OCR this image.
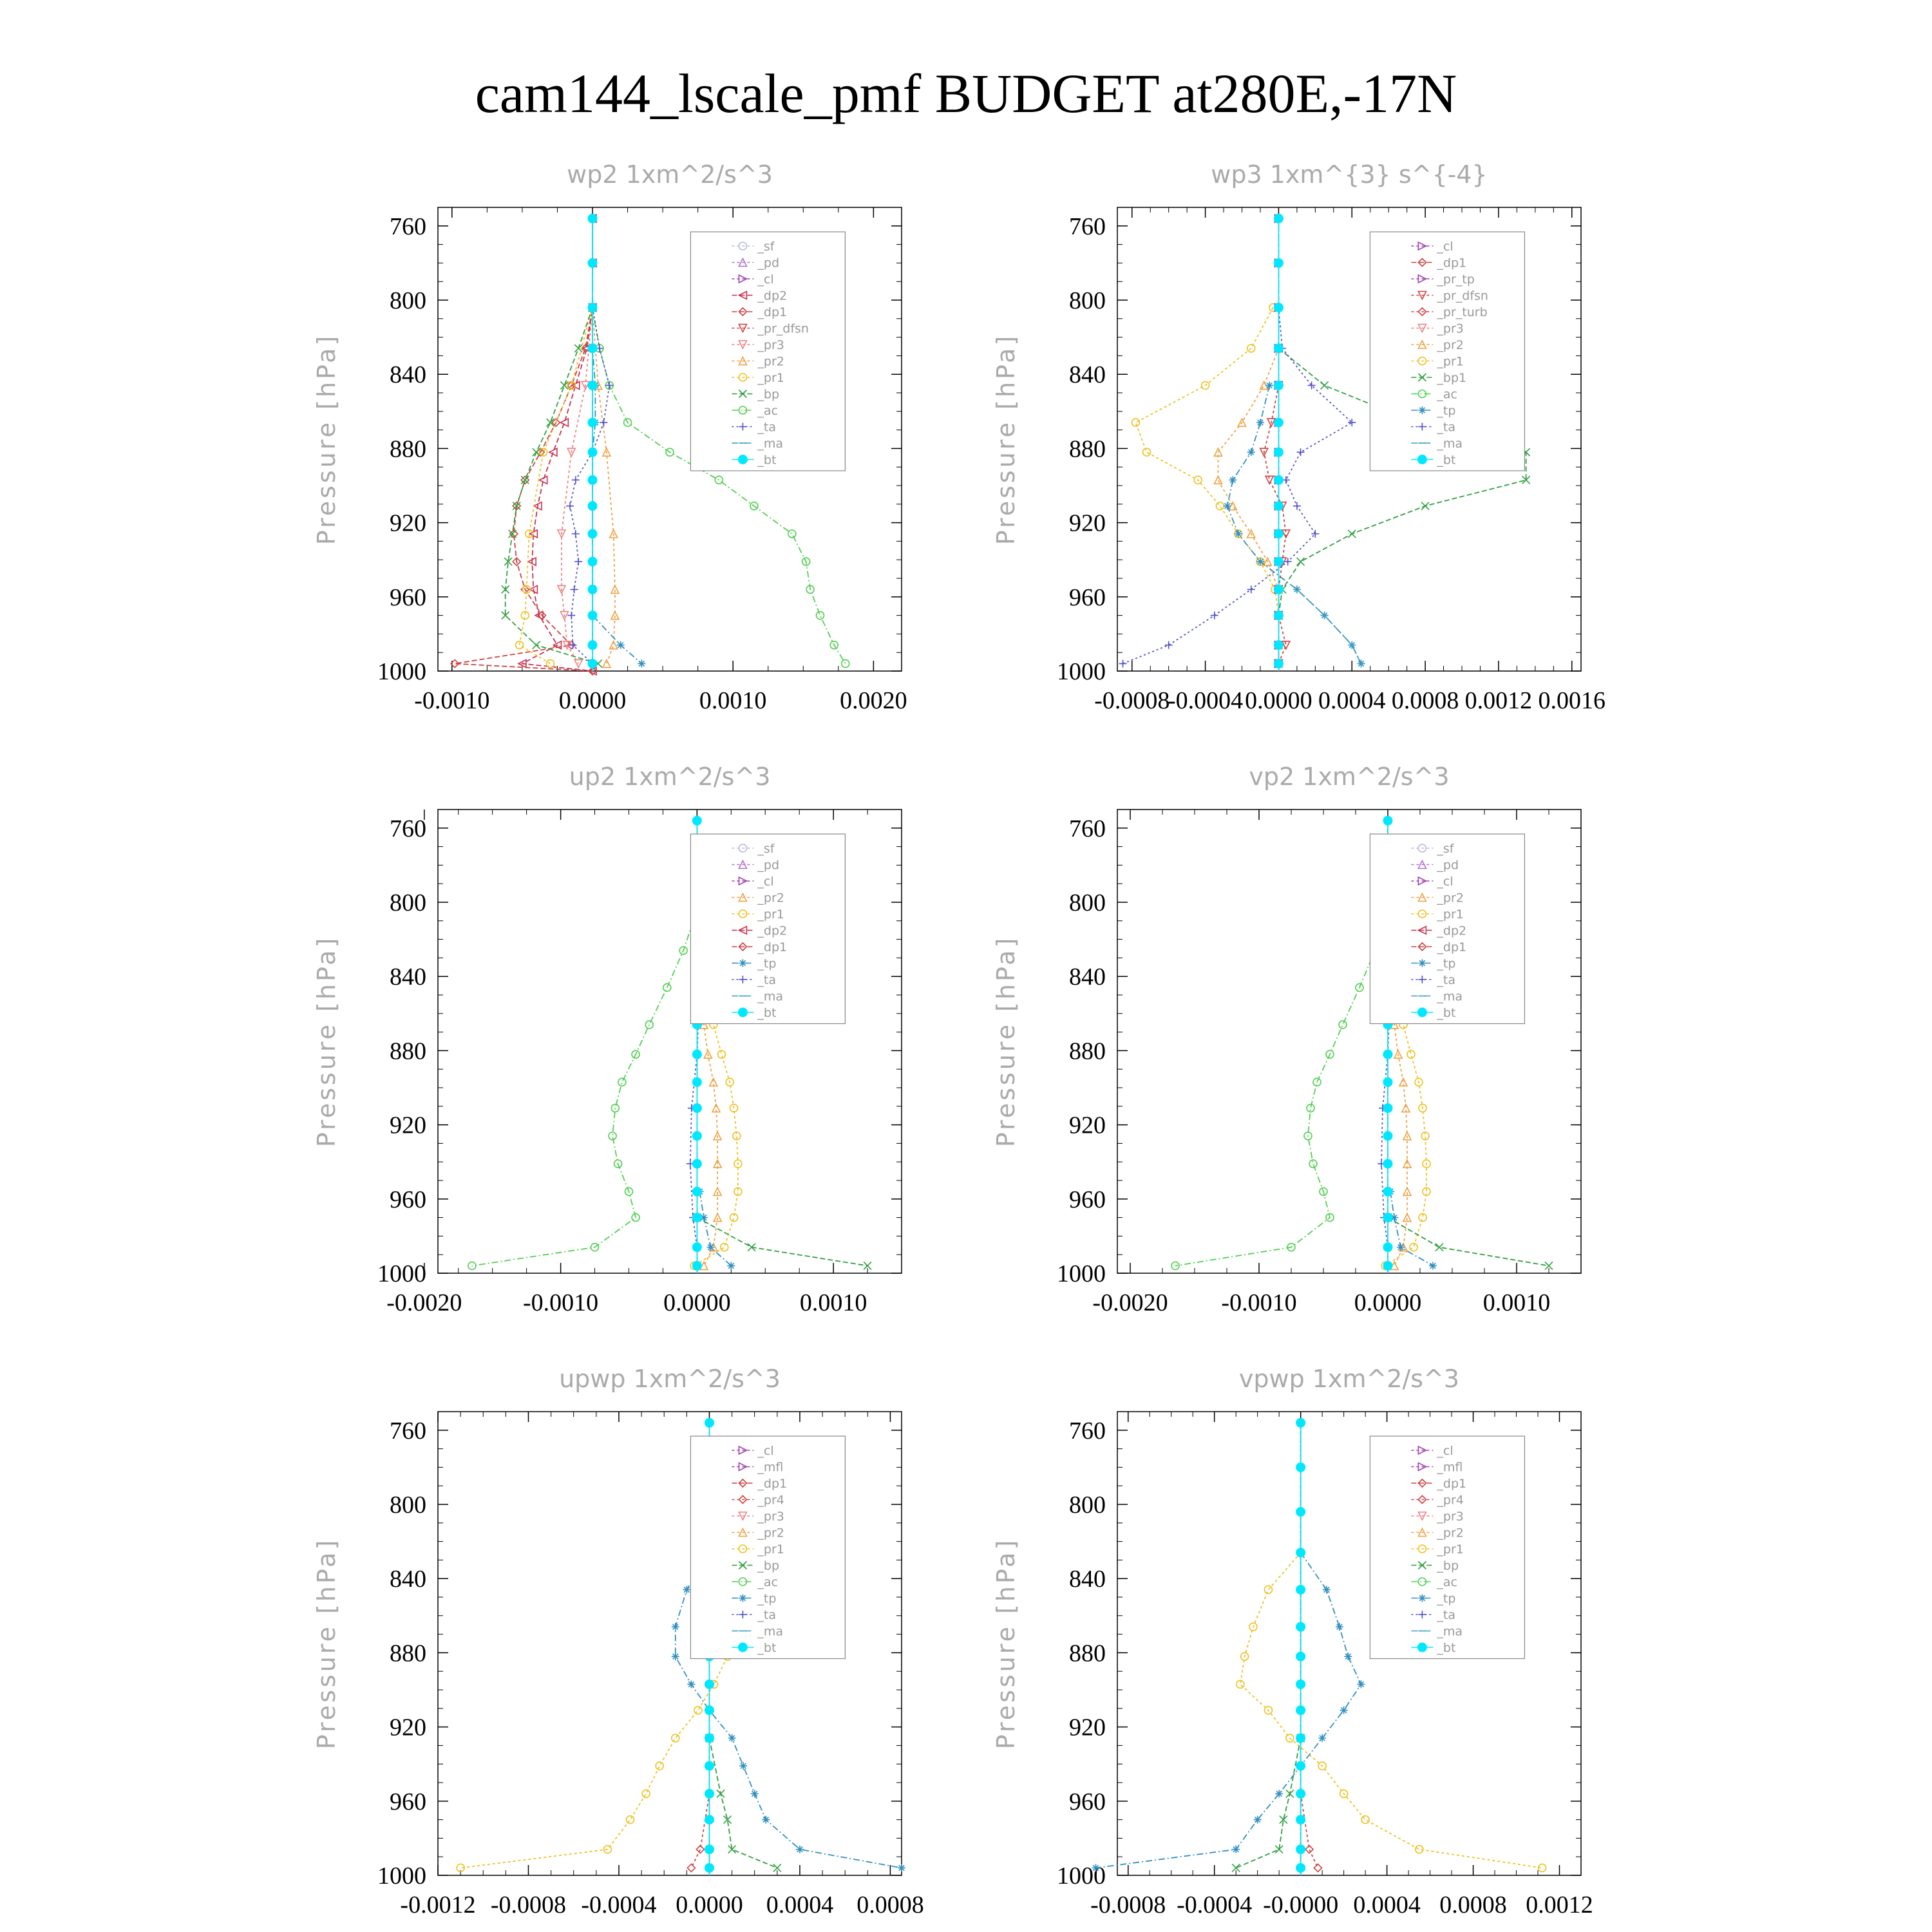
cam144_lscale_pmf BUDGET at280E,-17N
wp2 1xm^2/s^3
Pressure [hPa]
760
800
840
880
920
960
1000
-0.0010	0.0000	0.0010	0.0020
_sf
_pd
_cl
_dp2
_dp1
_pr_dfsn
_pr3
_pr2
_pr1
_bp
_ac
_ta
_ma
_bt
wp3 1xm^{3} s^{-4}
Pressure [hPa]
760
800
840
880
920
960
1000
-0.0008
-0.0004 0.0000 0.0004 0.0008 0.0012 0.0016
_cl
_dp1
_pr_tp
_pr_dfsn
_pr_turb
_pr3
_pr2
_pr1
_bp1
_ac
_tp
_ta
_ma
_bt
up2 1xm^2/s^3
Pressure [hPa]
760
800
840
880
920
960
1000
-0.0020 -0.0010	0.0000	0.0010
_sf
_pd
_cl
_pr2
_pr1
_dp2
_dp1
_tp
_ta
_ma
_bt
vp2 1xm^2/s^3
Pressure [hPa]
760
800
840
880
920
960
1000
-0.0020 -0.0010 0.0000	0.0010
_sf
_pd
_cl
_pr2
_pr1
_dp2
_dp1
_tp
_ta
_ma
_bt
upwp 1xm^2/s^3
Pressure [hPa]
760
800
840
880
920
960
1000
-0.0012 -0.0008 -0.0004 0.0000 0.0004 0.0008
_cl
_mfl
_dp1
_pr4
_pr3
_pr2
_pr1
_bp
_ac
_tp
_ta
_ma
_bt
vpwp 1xm^2/s^3
Pressure [hPa]
760
800
840
880
920
960
1000
-0.0008 -0.0004 -0.0000 0.0004 0.0008 0.0012
_cl
_mfl
_dp1
_pr4
_pr3
_pr2
_pr1
_bp
_ac
_tp
_ta
_ma
_bt
